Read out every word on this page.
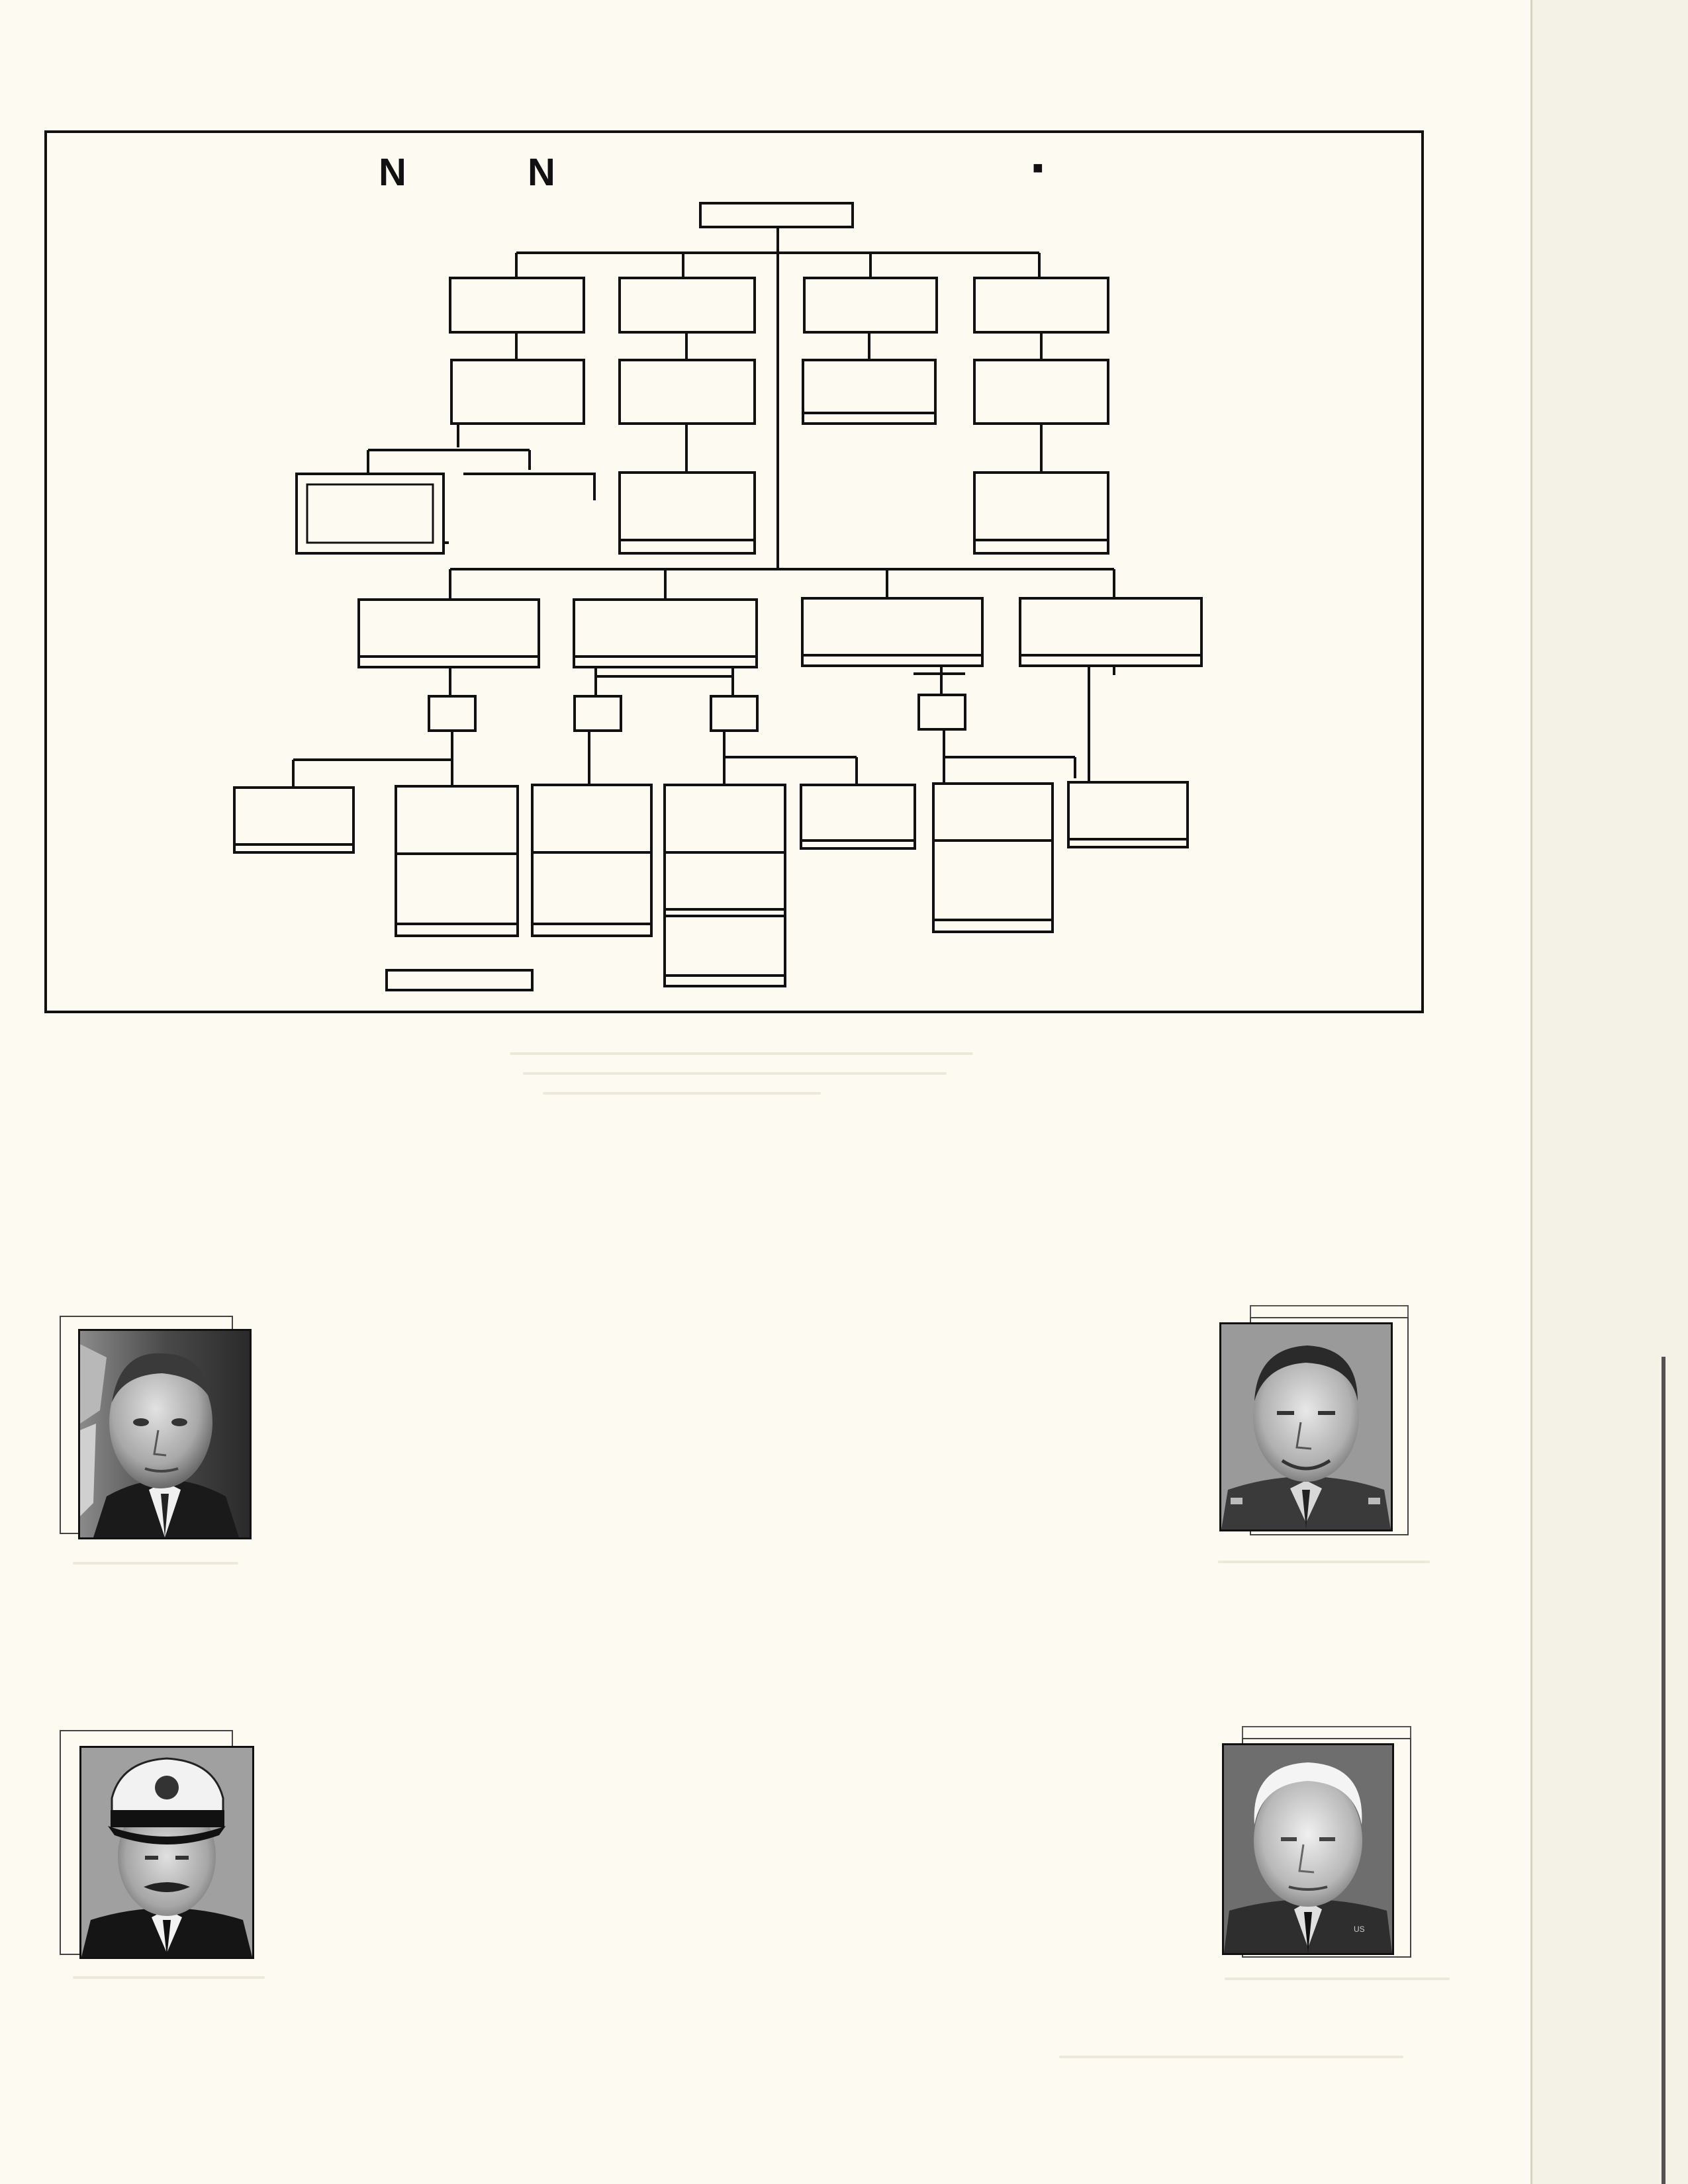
N	N	■
US
